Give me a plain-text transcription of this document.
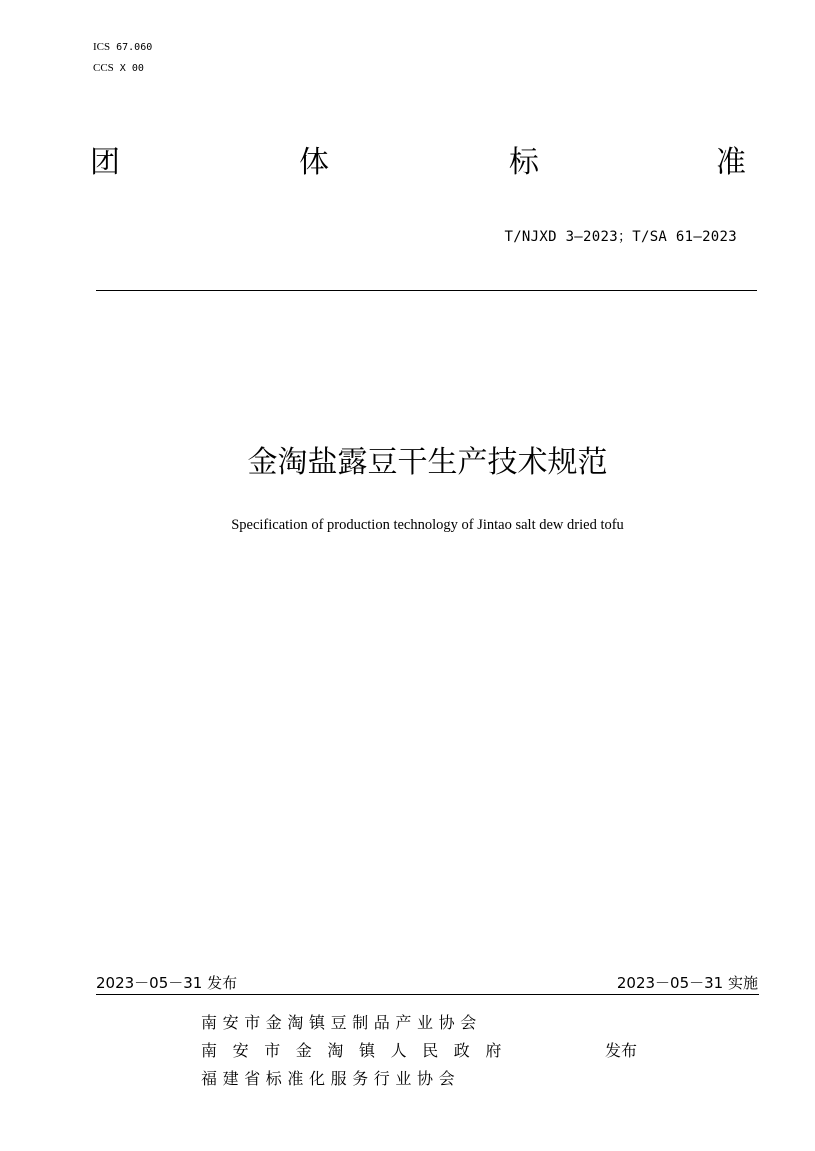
ICS 67.060
CCS X 00
团	体	标	准
T/NJXD 3—2023；T/SA 61—2023
金淘盐露豆干生产技术规范
Specification of production technology of Jintao salt dew dried tofu
2023－05－31 发布	2023－05－31 实施
南安市金淘镇豆制品产业协会
南安市金淘镇人民政府
福建省标准化服务行业协会
发布
